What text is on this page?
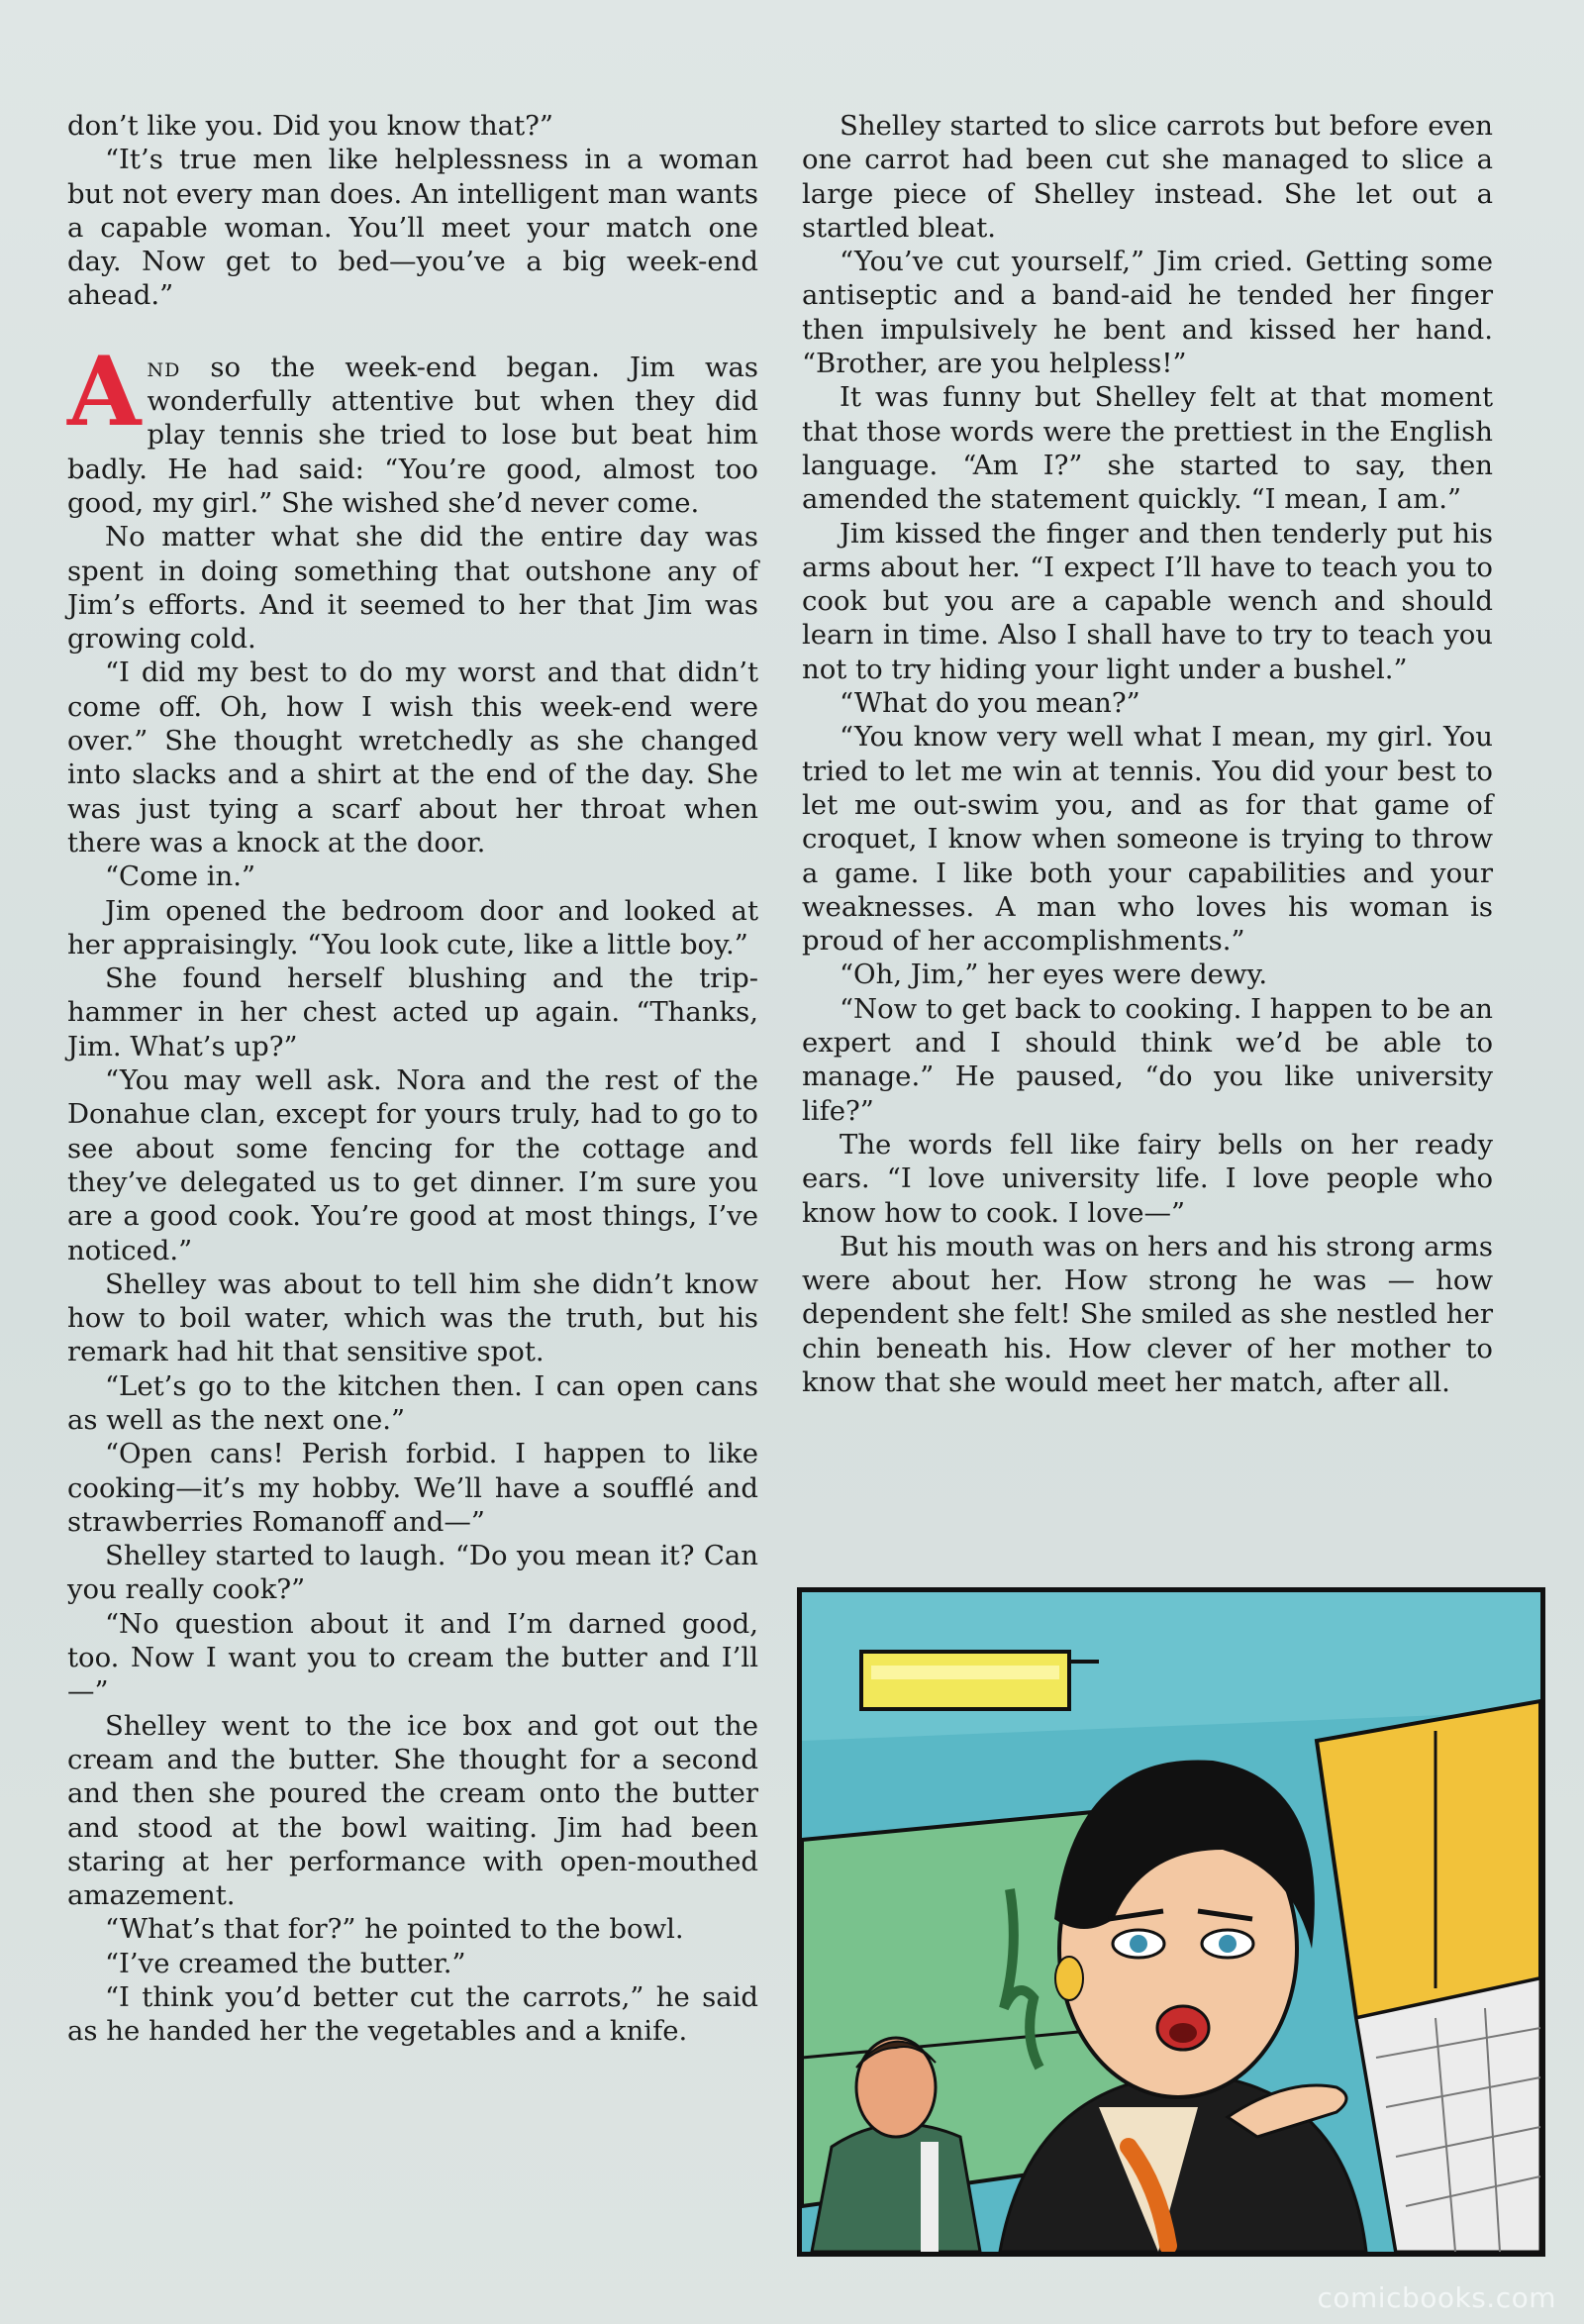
don’t like you. Did you know that?”

“It’s true men like helplessness in a woman but not every man does. An intelligent man wants a capable woman. You’ll meet your match one day. Now get to bed—you’ve a big week-end ahead.”

And so the week-end began. Jim was wonderfully attentive but when they did play tennis she tried to lose but beat him badly. He had said: “You’re good, almost too good, my girl.” She wished she’d never come.

No matter what she did the entire day was spent in doing something that outshone any of Jim’s efforts. And it seemed to her that Jim was growing cold.

“I did my best to do my worst and that didn’t come off. Oh, how I wish this week-end were over.” She thought wretchedly as she changed into slacks and a shirt at the end of the day. She was just tying a scarf about her throat when there was a knock at the door.

“Come in.”

Jim opened the bedroom door and looked at her appraisingly. “You look cute, like a little boy.”

She found herself blushing and the trip-hammer in her chest acted up again. “Thanks, Jim. What’s up?”

“You may well ask. Nora and the rest of the Donahue clan, except for yours truly, had to go to see about some fencing for the cottage and they’ve delegated us to get dinner. I’m sure you are a good cook. You’re good at most things, I’ve noticed.”

Shelley was about to tell him she didn’t know how to boil water, which was the truth, but his remark had hit that sensitive spot.

“Let’s go to the kitchen then. I can open cans as well as the next one.”

“Open cans! Perish forbid. I happen to like cooking—it’s my hobby. We’ll have a soufflé and strawberries Romanoff and—”

Shelley started to laugh. “Do you mean it? Can you really cook?”

“No question about it and I’m darned good, too. Now I want you to cream the butter and I’ll—”

Shelley went to the ice box and got out the cream and the butter. She thought for a second and then she poured the cream onto the butter and stood at the bowl waiting. Jim had been staring at her performance with open-mouthed amazement.

“What’s that for?” he pointed to the bowl.

“I’ve creamed the butter.”

“I think you’d better cut the carrots,” he said as he handed her the vegetables and a knife.

Shelley started to slice carrots but before even one carrot had been cut she managed to slice a large piece of Shelley instead. She let out a startled bleat.

“You’ve cut yourself,” Jim cried. Getting some antiseptic and a band-aid he tended her finger then impulsively he bent and kissed her hand. “Brother, are you helpless!”

It was funny but Shelley felt at that moment that those words were the prettiest in the English language. “Am I?” she started to say, then amended the statement quickly. “I mean, I am.”

Jim kissed the finger and then tenderly put his arms about her. “I expect I’ll have to teach you to cook but you are a capable wench and should learn in time. Also I shall have to try to teach you not to try hiding your light under a bushel.”

“What do you mean?”

“You know very well what I mean, my girl. You tried to let me win at tennis. You did your best to let me out-swim you, and as for that game of croquet, I know when someone is trying to throw a game. I like both your capabilities and your weaknesses. A man who loves his woman is proud of her accomplishments.”

“Oh, Jim,” her eyes were dewy.

“Now to get back to cooking. I happen to be an expert and I should think we’d be able to manage.” He paused, “do you like university life?”

The words fell like fairy bells on her ready ears. “I love university life. I love people who know how to cook. I love—”

But his mouth was on hers and his strong arms were about her. How strong he was — how dependent she felt! She smiled as she nestled her chin beneath his. How clever of her mother to know that she would meet her match, after all.

comicbooks.com
